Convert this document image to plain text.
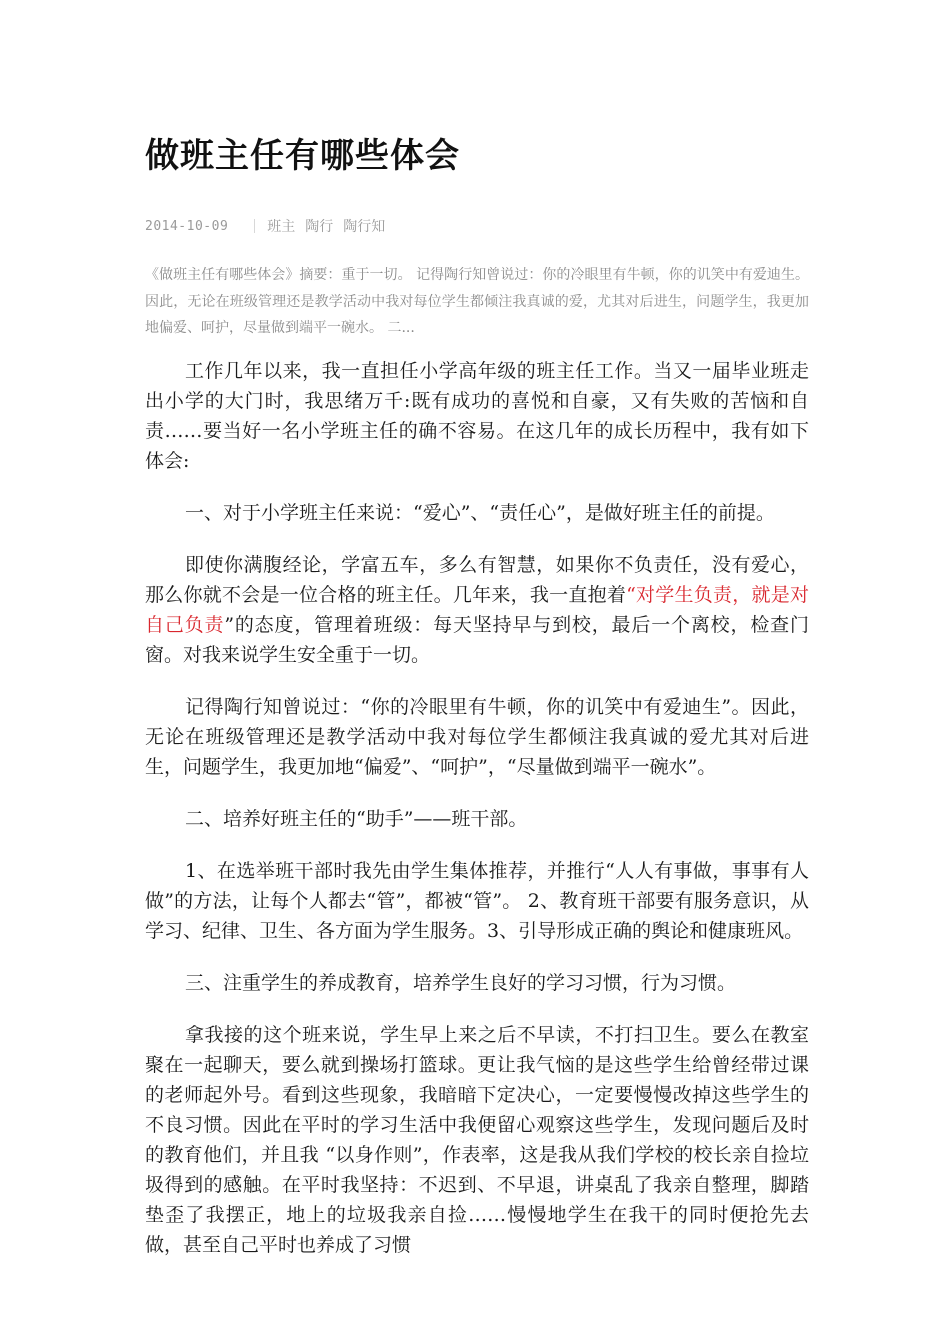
做班主任有哪些体会
2014-10-09	班主 陶行 陶行知

《做班主任有哪些体会》摘要：重于一切。 记得陶行知曾说过：你的冷眼里有牛顿，你的讥笑中有爱迪生。因此，无论在班级管理还是教学活动中我对每位学生都倾注我真诚的爱，尤其对后进生，问题学生，我更加地偏爱、呵护，尽量做到端平一碗水。 二...

工作几年以来，我一直担任小学高年级的班主任工作。当又一届毕业班走出小学的大门时，我思绪万千:既有成功的喜悦和自豪，又有失败的苦恼和自责……要当好一名小学班主任的确不容易。在这几年的成长历程中，我有如下体会:

一、对于小学班主任来说：“爱心”、“责任心”，是做好班主任的前提。

即使你满腹经论，学富五车，多么有智慧，如果你不负责任，没有爱心，那么你就不会是一位合格的班主任。几年来，我一直抱着“对学生负责，就是对自己负责”的态度，管理着班级：每天坚持早与到校，最后一个离校，检查门窗。对我来说学生安全重于一切。

记得陶行知曾说过：“你的冷眼里有牛顿，你的讥笑中有爱迪生”。因此，无论在班级管理还是教学活动中我对每位学生都倾注我真诚的爱尤其对后进生，问题学生，我更加地“偏爱”、“呵护”，“尽量做到端平一碗水”。

二、培养好班主任的“助手”——班干部。

1、在选举班干部时我先由学生集体推荐，并推行“人人有事做，事事有人做”的方法，让每个人都去“管”，都被“管”。 2、教育班干部要有服务意识，从学习、纪律、卫生、各方面为学生服务。3、引导形成正确的舆论和健康班风。

三、注重学生的养成教育，培养学生良好的学习习惯，行为习惯。

拿我接的这个班来说，学生早上来之后不早读，不打扫卫生。要么在教室聚在一起聊天，要么就到操场打篮球。更让我气恼的是这些学生给曾经带过课的老师起外号。看到这些现象，我暗暗下定决心，一定要慢慢改掉这些学生的不良习惯。因此在平时的学习生活中我便留心观察这些学生，发现问题后及时的教育他们，并且我 “以身作则”，作表率，这是我从我们学校的校长亲自捡垃圾得到的感触。在平时我坚持：不迟到、不早退，讲桌乱了我亲自整理，脚踏垫歪了我摆正，地上的垃圾我亲自捡……慢慢地学生在我干的同时便抢先去做，甚至自己平时也养成了习惯
